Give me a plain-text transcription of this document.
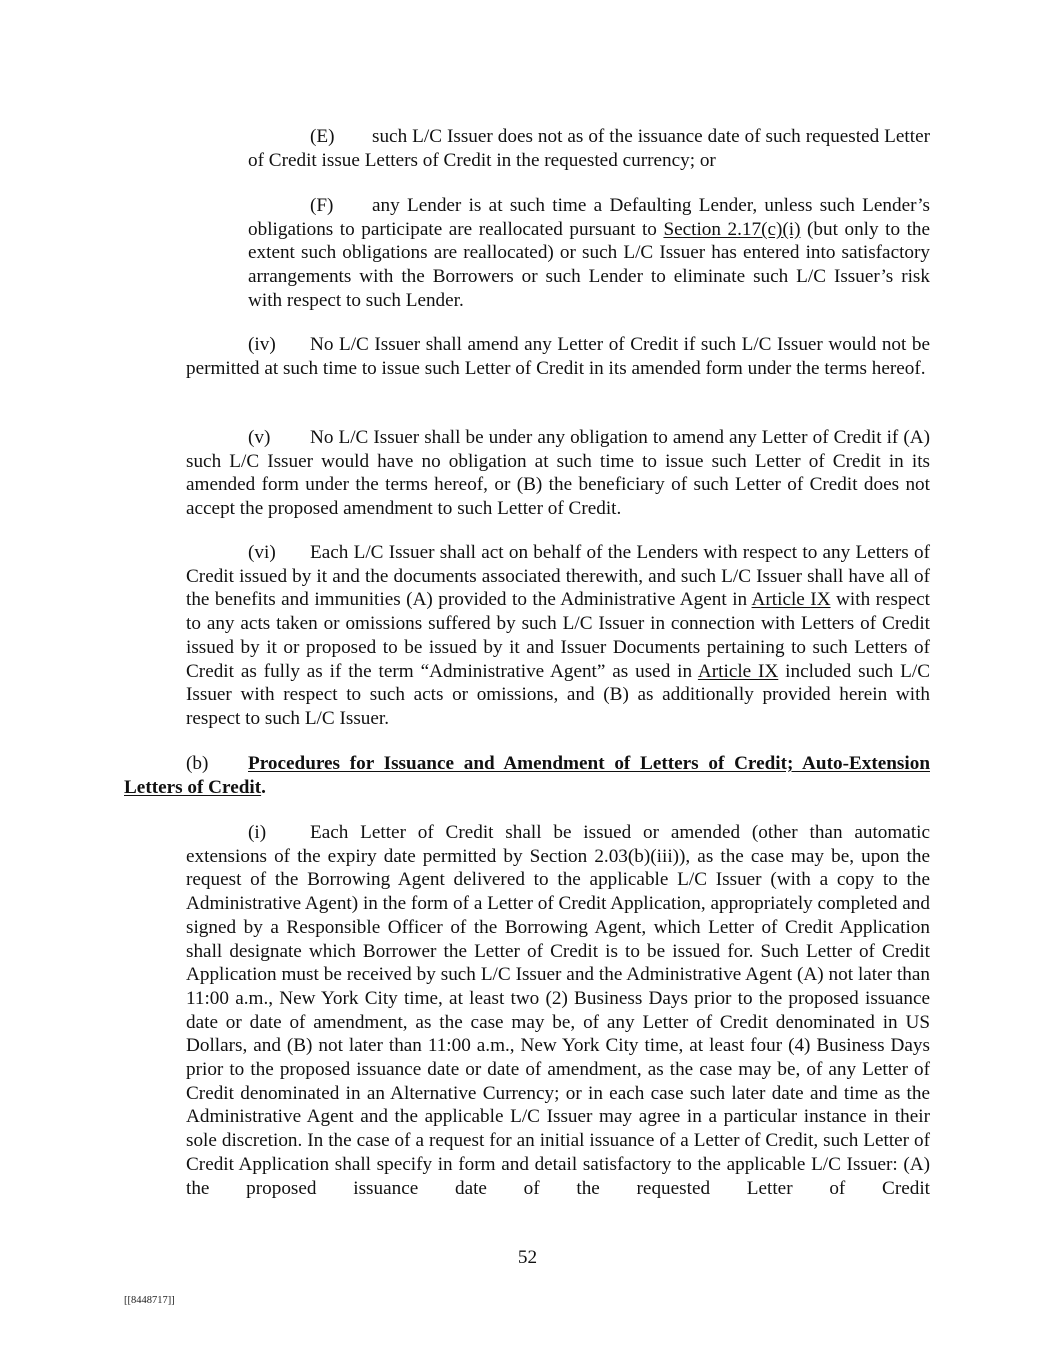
(E) such L/C Issuer does not as of the issuance date of such requested Letter of Credit issue Letters of Credit in the requested currency; or

(F) any Lender is at such time a Defaulting Lender, unless such Lender’s obligations to participate are reallocated pursuant to Section 2.17(c)(i) (but only to the extent such obligations are reallocated) or such L/C Issuer has entered into satisfactory arrangements with the Borrowers or such Lender to eliminate such L/C Issuer’s risk with respect to such Lender.

(iv) No L/C Issuer shall amend any Letter of Credit if such L/C Issuer would not be permitted at such time to issue such Letter of Credit in its amended form under the terms hereof.

(v) No L/C Issuer shall be under any obligation to amend any Letter of Credit if (A) such L/C Issuer would have no obligation at such time to issue such Letter of Credit in its amended form under the terms hereof, or (B) the beneficiary of such Letter of Credit does not accept the proposed amendment to such Letter of Credit.

(vi) Each L/C Issuer shall act on behalf of the Lenders with respect to any Letters of Credit issued by it and the documents associated therewith, and such L/C Issuer shall have all of the benefits and immunities (A) provided to the Administrative Agent in Article IX with respect to any acts taken or omissions suffered by such L/C Issuer in connection with Letters of Credit issued by it or proposed to be issued by it and Issuer Documents pertaining to such Letters of Credit as fully as if the term “Administrative Agent” as used in Article IX included such L/C Issuer with respect to such acts or omissions, and (B) as additionally provided herein with respect to such L/C Issuer.

(b) Procedures for Issuance and Amendment of Letters of Credit; Auto-Extension Letters of Credit.

(i) Each Letter of Credit shall be issued or amended (other than automatic extensions of the expiry date permitted by Section 2.03(b)(iii)), as the case may be, upon the request of the Borrowing Agent delivered to the applicable L/C Issuer (with a copy to the Administrative Agent) in the form of a Letter of Credit Application, appropriately completed and signed by a Responsible Officer of the Borrowing Agent, which Letter of Credit Application shall designate which Borrower the Letter of Credit is to be issued for. Such Letter of Credit Application must be received by such L/C Issuer and the Administrative Agent (A) not later than 11:00 a.m., New York City time, at least two (2) Business Days prior to the proposed issuance date or date of amendment, as the case may be, of any Letter of Credit denominated in US Dollars, and (B) not later than 11:00 a.m., New York City time, at least four (4) Business Days prior to the proposed issuance date or date of amendment, as the case may be, of any Letter of Credit denominated in an Alternative Currency; or in each case such later date and time as the Administrative Agent and the applicable L/C Issuer may agree in a particular instance in their sole discretion. In the case of a request for an initial issuance of a Letter of Credit, such Letter of Credit Application shall specify in form and detail satisfactory to the applicable L/C Issuer: (A) the proposed issuance date of the requested Letter of Credit

52
[[8448717]]
